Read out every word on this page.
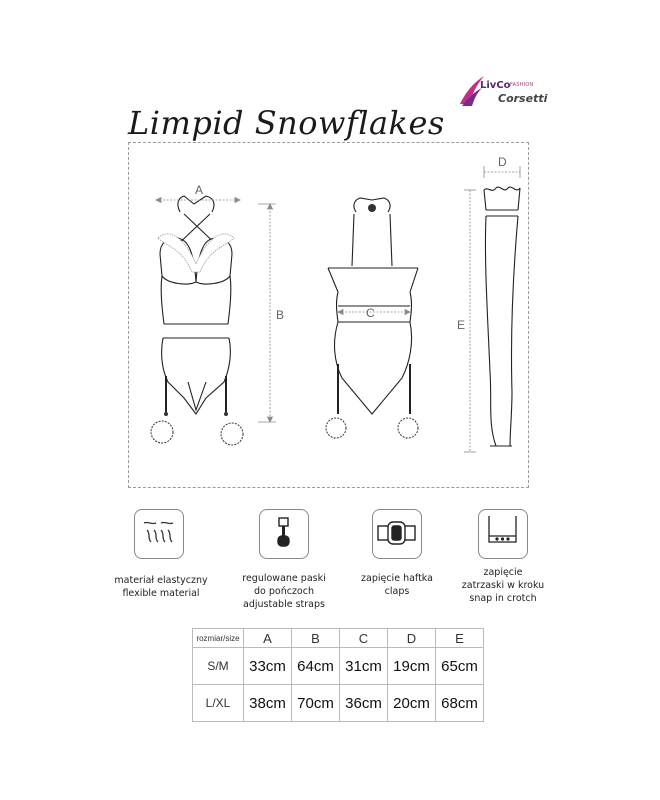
LivCo FASHION
Corsetti
Limpid Snowflakes
A
B	C
D
E
materiał elastyczny
flexible material
regulowane paski
do pończoch
adjustable straps
zapięcie haftka
claps
zapięcie
zatrzaski w kroku
snap in crotch
rozmiar/size	A	B	C	D	E
S/M	33cm	64cm	31cm	19cm	65cm
L/XL	38cm	70cm	36cm	20cm	68cm
